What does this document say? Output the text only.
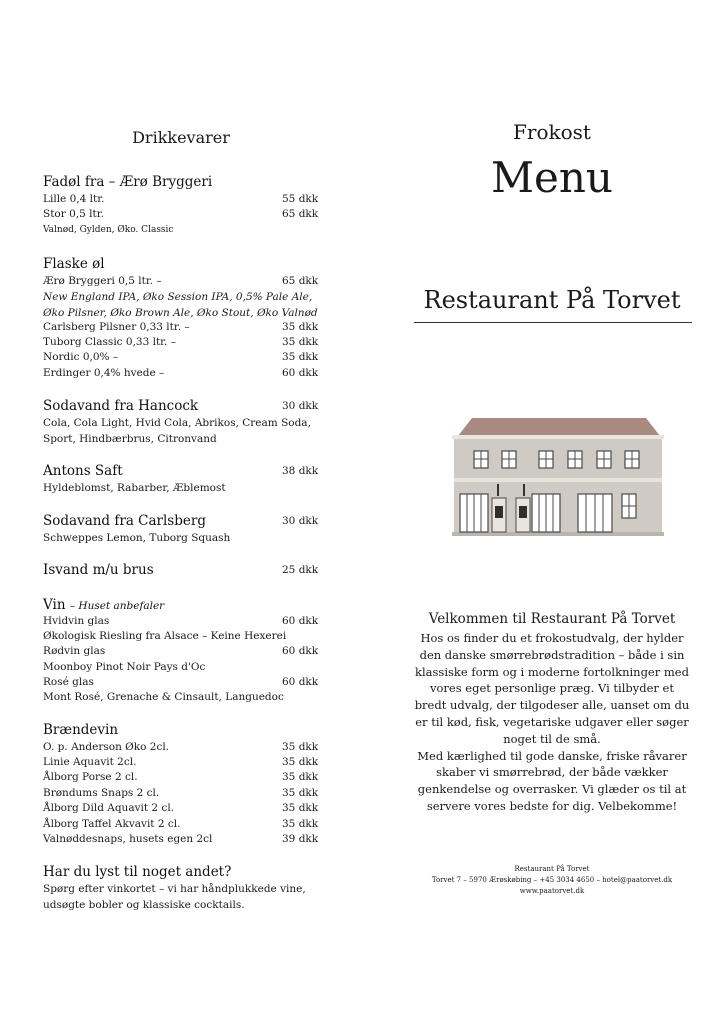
Drikkevarer
Fadøl fra – Ærø Bryggeri
Lille 0,4 ltr.	55 dkk
Stor 0,5 ltr.	65 dkk
Valnød, Gylden, Øko. Classic
Flaske øl
Ærø Bryggeri 0,5 ltr. –	65 dkk
New England IPA, Øko Session IPA, 0,5% Pale Ale,
Øko Pilsner, Øko Brown Ale, Øko Stout, Øko Valnød
Carlsberg Pilsner 0,33 ltr. –	35 dkk
Tuborg Classic 0,33 ltr. –	35 dkk
Nordic 0,0% –	35 dkk
Erdinger 0,4% hvede –	60 dkk
Sodavand fra Hancock	30 dkk
Cola, Cola Light, Hvid Cola, Abrikos, Cream Soda,
Sport, Hindbærbrus, Citronvand
Antons Saft	38 dkk
Hyldeblomst, Rabarber, Æblemost
Sodavand fra Carlsberg	30 dkk
Schweppes Lemon, Tuborg Squash
Isvand m/u brus	25 dkk
Vin – Huset anbefaler
Hvidvin glas	60 dkk
Økologisk Riesling fra Alsace – Keine Hexerei
Rødvin glas	60 dkk
Moonboy Pinot Noir Pays d'Oc
Rosé glas	60 dkk
Mont Rosé, Grenache & Cinsault, Languedoc
Brændevin
O. p. Anderson Øko 2cl.	35 dkk
Linie Aquavit 2cl.	35 dkk
Ålborg Porse 2 cl.	35 dkk
Brøndums Snaps 2 cl.	35 dkk
Ålborg Dild Aquavit 2 cl.	35 dkk
Ålborg Taffel Akvavit 2 cl.	35 dkk
Valnøddesnaps, husets egen 2cl	39 dkk
Har du lyst til noget andet?
Spørg efter vinkortet – vi har håndplukkede vine,
udsøgte bobler og klassiske cocktails.
Frokost
Menu
Restaurant På Torvet
Velkommen til Restaurant På Torvet
Hos os finder du et frokostudvalg, der hylder
den danske smørrebrødstradition – både i sin
klassiske form og i moderne fortolkninger med
vores eget personlige præg. Vi tilbyder et
bredt udvalg, der tilgodeser alle, uanset om du
er til kød, fisk, vegetariske udgaver eller søger
noget til de små.
Med kærlighed til gode danske, friske råvarer
skaber vi smørrebrød, der både vækker
genkendelse og overrasker. Vi glæder os til at
servere vores bedste for dig. Velbekomme!
Restaurant På Torvet
Torvet 7 – 5970 Ærøskøbing – +45 3034 4650 – hotel@paatorvet.dk
www.paatorvet.dk
